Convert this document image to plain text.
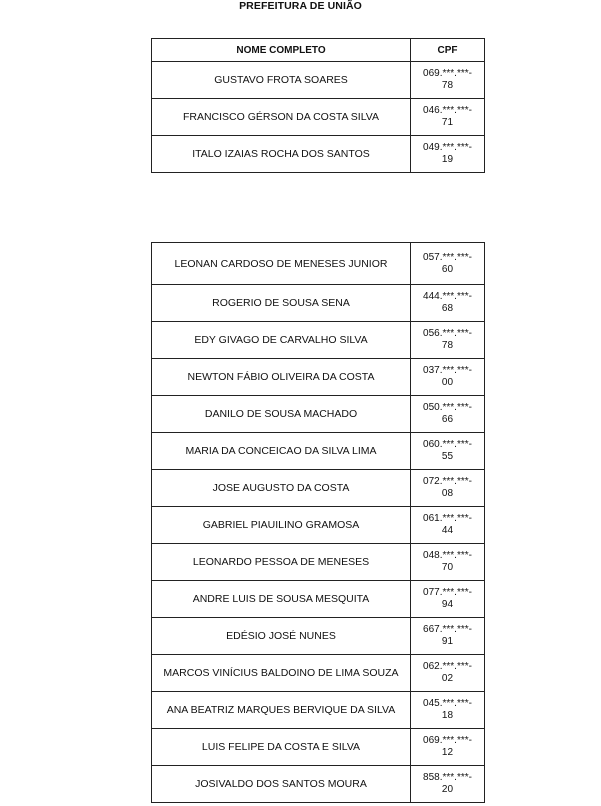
PREFEITURA DE UNIÃO
NOME COMPLETO	CPF
GUSTAVO FROTA SOARES	069.***.***-
78
FRANCISCO GÉRSON DA COSTA SILVA	046.***.***-
71
ITALO IZAIAS ROCHA DOS SANTOS	049.***.***-
19
LEONAN CARDOSO DE MENESES JUNIOR	057.***.***-
60
ROGERIO DE SOUSA SENA	444.***.***-
68
EDY GIVAGO DE CARVALHO SILVA	056.***.***-
78
NEWTON FÁBIO OLIVEIRA DA COSTA	037.***.***-
00
DANILO DE SOUSA MACHADO	050.***.***-
66
MARIA DA CONCEICAO DA SILVA LIMA	060.***.***-
55
JOSE AUGUSTO DA COSTA	072.***.***-
08
GABRIEL PIAUILINO GRAMOSA	061.***.***-
44
LEONARDO PESSOA DE MENESES	048.***.***-
70
ANDRE LUIS DE SOUSA MESQUITA	077.***.***-
94
EDÉSIO JOSÉ NUNES	667.***.***-
91
MARCOS VINÍCIUS BALDOINO DE LIMA SOUZA	062.***.***-
02
ANA BEATRIZ MARQUES BERVIQUE DA SILVA	045.***.***-
18
LUIS FELIPE DA COSTA E SILVA	069.***.***-
12
JOSIVALDO DOS SANTOS MOURA	858.***.***-
20
